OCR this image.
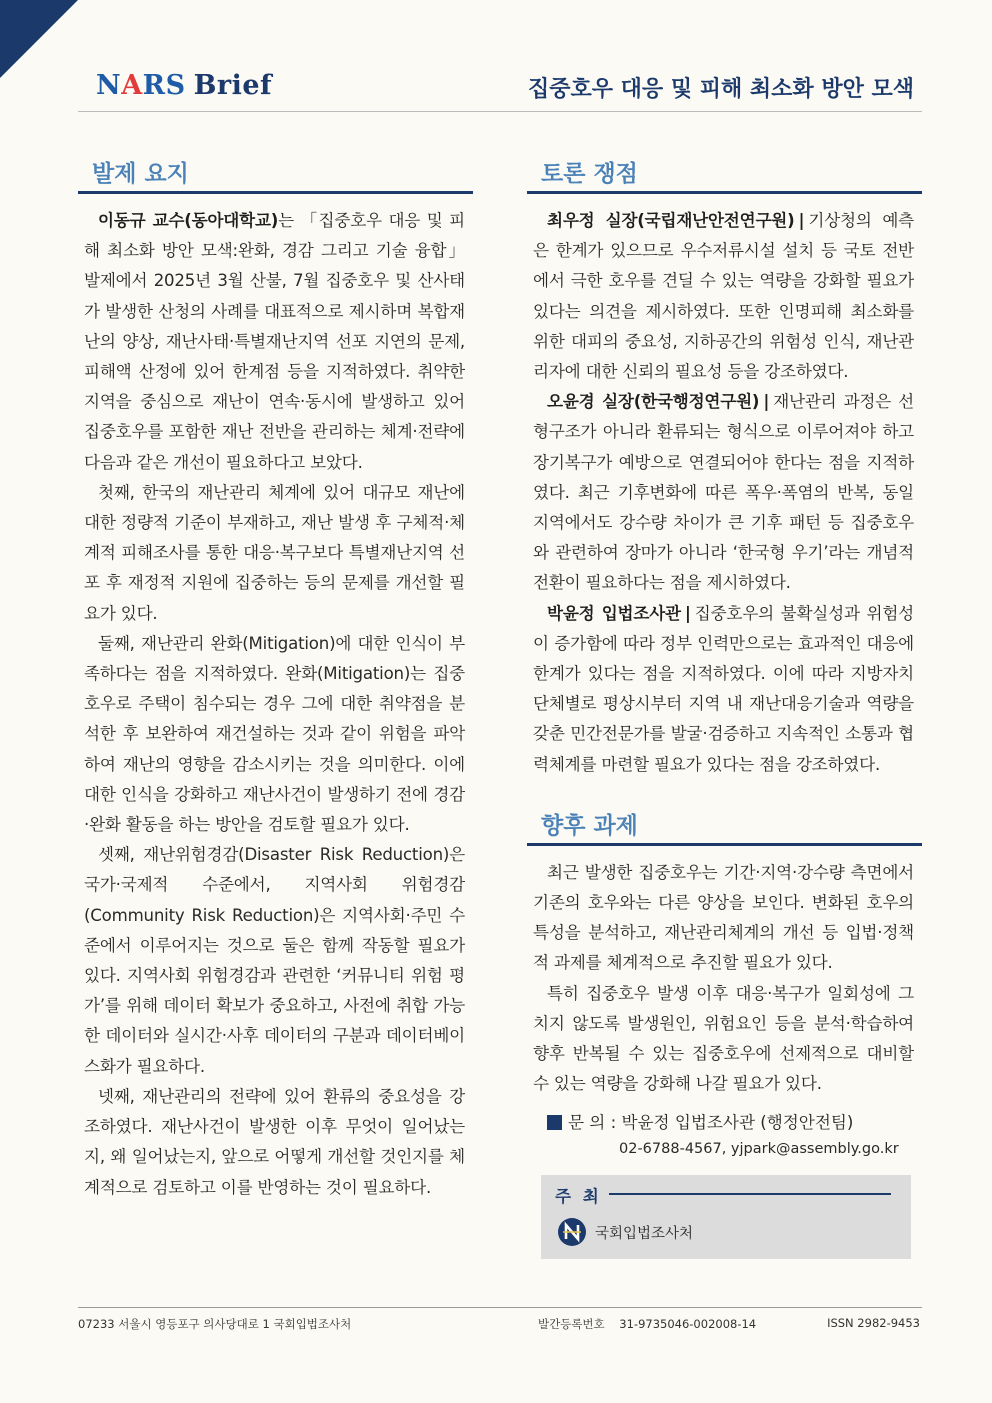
NARS Brief	집중호우 대응 및 피해 최소화 방안 모색
발제 요지

이동규 교수(동아대학교)는 「집중호우 대응 및 피해 최소화 방안 모색:완화, 경감 그리고 기술 융합」 발제에서 2025년 3월 산불, 7월 집중호우 및 산사태가 발생한 산청의 사례를 대표적으로 제시하며 복합재난의 양상, 재난사태·특별재난지역 선포 지연의 문제, 피해액 산정에 있어 한계점 등을 지적하였다. 취약한 지역을 중심으로 재난이 연속·동시에 발생하고 있어 집중호우를 포함한 재난 전반을 관리하는 체계·전략에 다음과 같은 개선이 필요하다고 보았다.

첫째, 한국의 재난관리 체계에 있어 대규모 재난에 대한 정량적 기준이 부재하고, 재난 발생 후 구체적·체계적 피해조사를 통한 대응·복구보다 특별재난지역 선포 후 재정적 지원에 집중하는 등의 문제를 개선할 필요가 있다.

둘째, 재난관리 완화(Mitigation)에 대한 인식이 부족하다는 점을 지적하였다. 완화(Mitigation)는 집중호우로 주택이 침수되는 경우 그에 대한 취약점을 분석한 후 보완하여 재건설하는 것과 같이 위험을 파악하여 재난의 영향을 감소시키는 것을 의미한다. 이에 대한 인식을 강화하고 재난사건이 발생하기 전에 경감·완화 활동을 하는 방안을 검토할 필요가 있다.

셋째, 재난위험경감(Disaster Risk Reduction)은 국가·국제적 수준에서, 지역사회 위험경감(Community Risk Reduction)은 지역사회·주민 수준에서 이루어지는 것으로 둘은 함께 작동할 필요가 있다. 지역사회 위험경감과 관련한 ‘커뮤니티 위험 평가’를 위해 데이터 확보가 중요하고, 사전에 취합 가능한 데이터와 실시간·사후 데이터의 구분과 데이터베이스화가 필요하다.

넷째, 재난관리의 전략에 있어 환류의 중요성을 강조하였다. 재난사건이 발생한 이후 무엇이 일어났는지, 왜 일어났는지, 앞으로 어떻게 개선할 것인지를 체계적으로 검토하고 이를 반영하는 것이 필요하다.

토론 쟁점

최우정 실장(국립재난안전연구원) | 기상청의 예측은 한계가 있으므로 우수저류시설 설치 등 국토 전반에서 극한 호우를 견딜 수 있는 역량을 강화할 필요가 있다는 의견을 제시하였다. 또한 인명피해 최소화를 위한 대피의 중요성, 지하공간의 위험성 인식, 재난관리자에 대한 신뢰의 필요성 등을 강조하였다.

오윤경 실장(한국행정연구원) | 재난관리 과정은 선형구조가 아니라 환류되는 형식으로 이루어져야 하고 장기복구가 예방으로 연결되어야 한다는 점을 지적하였다. 최근 기후변화에 따른 폭우·폭염의 반복, 동일 지역에서도 강수량 차이가 큰 기후 패턴 등 집중호우와 관련하여 장마가 아니라 ‘한국형 우기’라는 개념적 전환이 필요하다는 점을 제시하였다.

박윤정 입법조사관 | 집중호우의 불확실성과 위험성이 증가함에 따라 정부 인력만으로는 효과적인 대응에 한계가 있다는 점을 지적하였다. 이에 따라 지방자치단체별로 평상시부터 지역 내 재난대응기술과 역량을 갖춘 민간전문가를 발굴·검증하고 지속적인 소통과 협력체계를 마련할 필요가 있다는 점을 강조하였다.

향후 과제

최근 발생한 집중호우는 기간·지역·강수량 측면에서 기존의 호우와는 다른 양상을 보인다. 변화된 호우의 특성을 분석하고, 재난관리체계의 개선 등 입법·정책적 과제를 체계적으로 추진할 필요가 있다.

특히 집중호우 발생 이후 대응·복구가 일회성에 그치지 않도록 발생원인, 위험요인 등을 분석·학습하여 향후 반복될 수 있는 집중호우에 선제적으로 대비할 수 있는 역량을 강화해 나갈 필요가 있다.

문 의 : 박윤정 입법조사관 (행정안전팀)
02-6788-4567, yjpark@assembly.go.kr
주 최
국회입법조사처
07233 서울시 영등포구 의사당대로 1 국회입법조사처	발간등록번호 31-9735046-002008-14	ISSN 2982-9453
